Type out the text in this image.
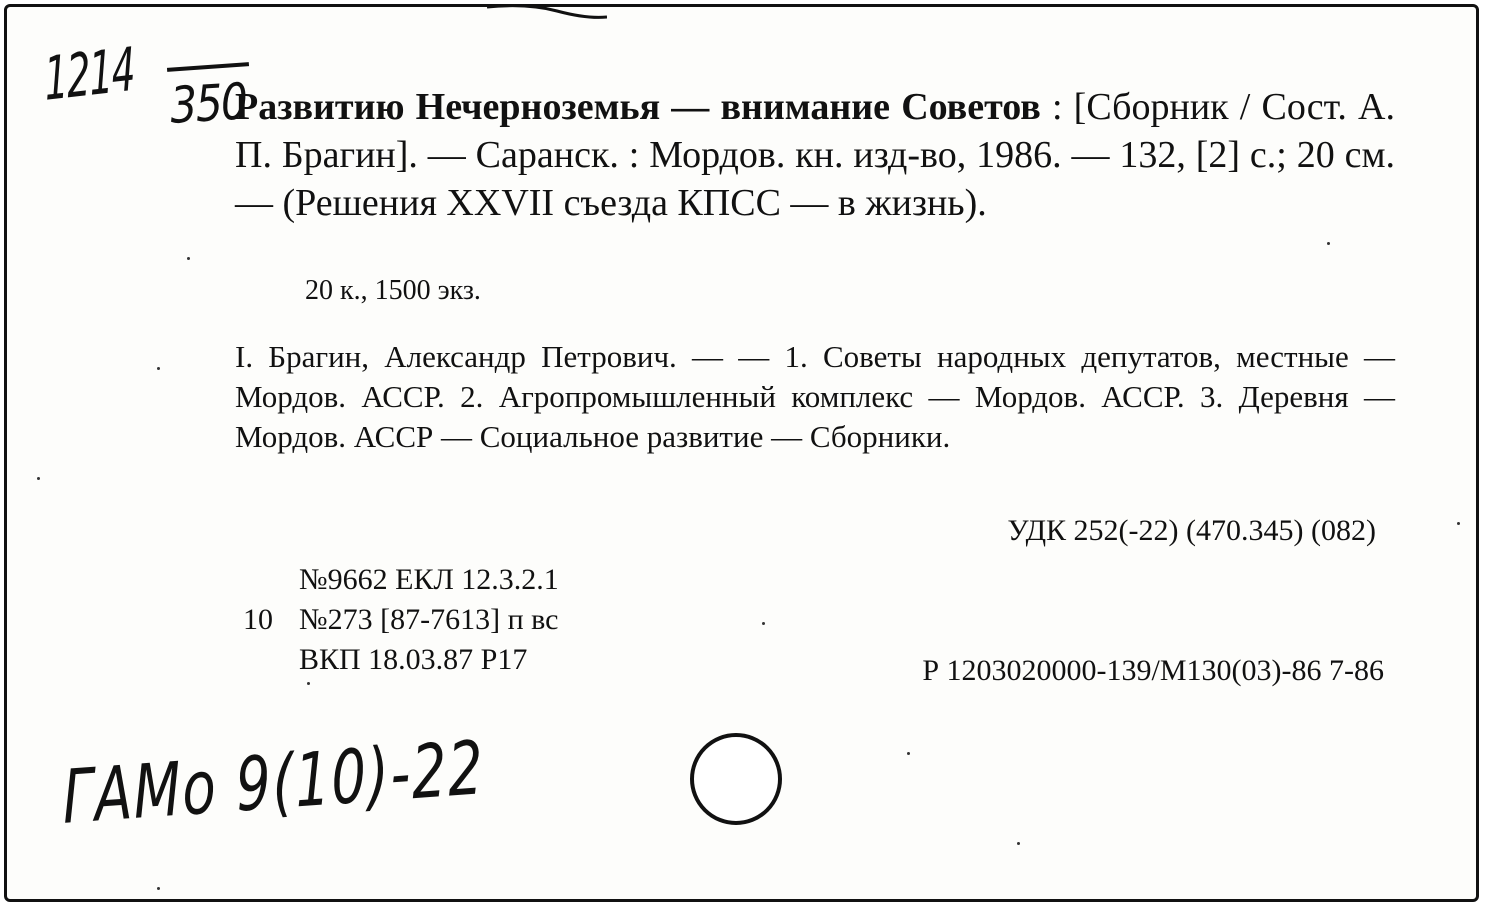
1214 350

Развитию Нечерноземья — внимание Советов : [Сборник / Сост. А. П. Брагин]. — Саранск. : Мордов. кн. изд-во, 1986. — 132, [2] с.; 20 см. — (Решения XXVII съезда КПСС — в жизнь).

20 к., 1500 экз.

I. Брагин, Александр Петрович. — — 1. Советы народных депутатов, местные — Мордов. АССР. 2. Агропромышленный комплекс — Мордов. АССР. 3. Деревня — Мордов. АССР — Социальное развитие — Сборники.

УДК 252(-22) (470.345) (082)

№9662 ЕКЛ 12.3.2.1
10 №273 [87-7613] п вс
ВКП 18.03.87 Р17	Р 1203020000-139/М130(03)-86 7-86

ГАМо 9(10)-22
